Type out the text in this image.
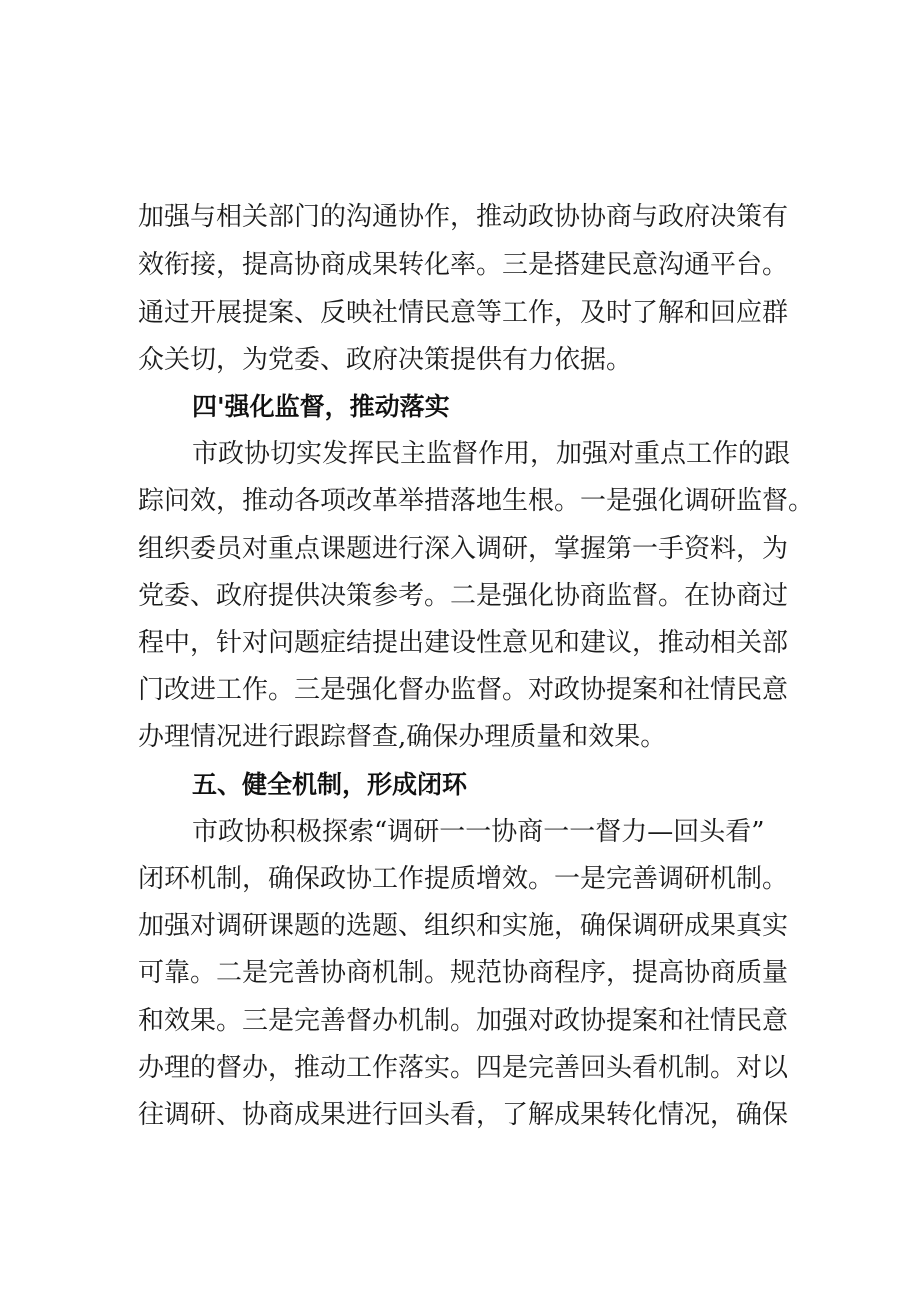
加强与相关部门的沟通协作，推动政协协商与政府决策有
效衔接，提高协商成果转化率。三是搭建民意沟通平台。
通过开展提案、反映社情民意等工作，及时了解和回应群
众关切，为党委、政府决策提供有力依据。
四'强化监督，推动落实
市政协切实发挥民主监督作用，加强对重点工作的跟
踪问效，推动各项改革举措落地生根。一是强化调研监督。
组织委员对重点课题进行深入调研，掌握第一手资料，为
党委、政府提供决策参考。二是强化协商监督。在协商过
程中，针对问题症结提出建设性意见和建议，推动相关部
门改进工作。三是强化督办监督。对政协提案和社情民意
办理情况进行跟踪督查,确保办理质量和效果。
五、健全机制，形成闭环
市政协积极探索“调研一一协商一一督力—回头看”
闭环机制，确保政协工作提质增效。一是完善调研机制。
加强对调研课题的选题、组织和实施，确保调研成果真实
可靠。二是完善协商机制。规范协商程序，提高协商质量
和效果。三是完善督办机制。加强对政协提案和社情民意
办理的督办，推动工作落实。四是完善回头看机制。对以
往调研、协商成果进行回头看，了解成果转化情况，确保
